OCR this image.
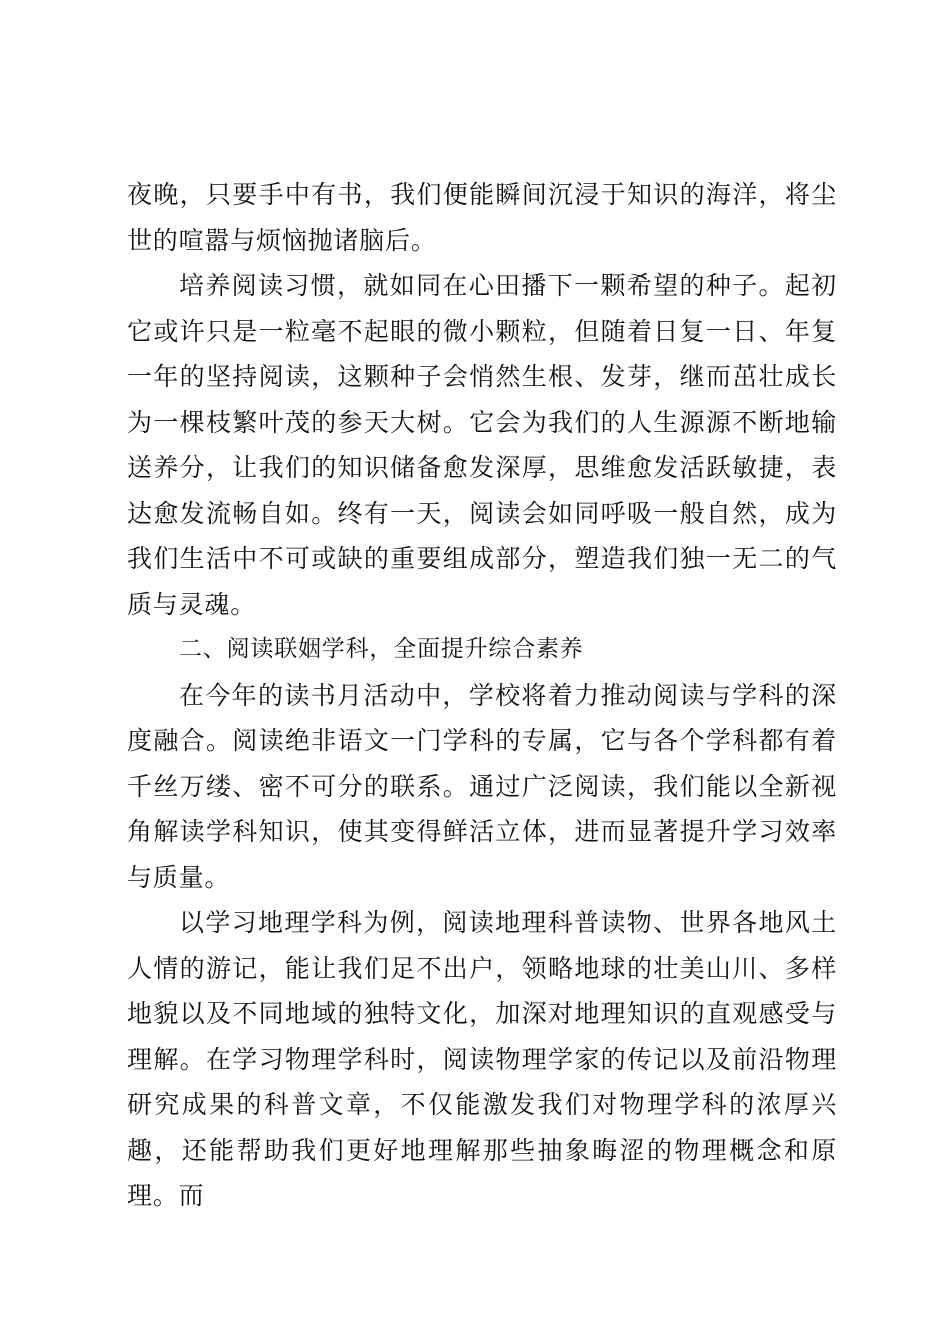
夜晚，只要手中有书，我们便能瞬间沉浸于知识的海洋，将尘世的喧嚣与烦恼抛诸脑后。

培养阅读习惯，就如同在心田播下一颗希望的种子。起初它或许只是一粒毫不起眼的微小颗粒，但随着日复一日、年复一年的坚持阅读，这颗种子会悄然生根、发芽，继而茁壮成长为一棵枝繁叶茂的参天大树。它会为我们的人生源源不断地输送养分，让我们的知识储备愈发深厚，思维愈发活跃敏捷，表达愈发流畅自如。终有一天，阅读会如同呼吸一般自然，成为我们生活中不可或缺的重要组成部分，塑造我们独一无二的气质与灵魂。

二、阅读联姻学科，全面提升综合素养

在今年的读书月活动中，学校将着力推动阅读与学科的深度融合。阅读绝非语文一门学科的专属，它与各个学科都有着千丝万缕、密不可分的联系。通过广泛阅读，我们能以全新视角解读学科知识，使其变得鲜活立体，进而显著提升学习效率与质量。

以学习地理学科为例，阅读地理科普读物、世界各地风土人情的游记，能让我们足不出户，领略地球的壮美山川、多样地貌以及不同地域的独特文化，加深对地理知识的直观感受与理解。在学习物理学科时，阅读物理学家的传记以及前沿物理研究成果的科普文章，不仅能激发我们对物理学科的浓厚兴趣，还能帮助我们更好地理解那些抽象晦涩的物理概念和原理。而
